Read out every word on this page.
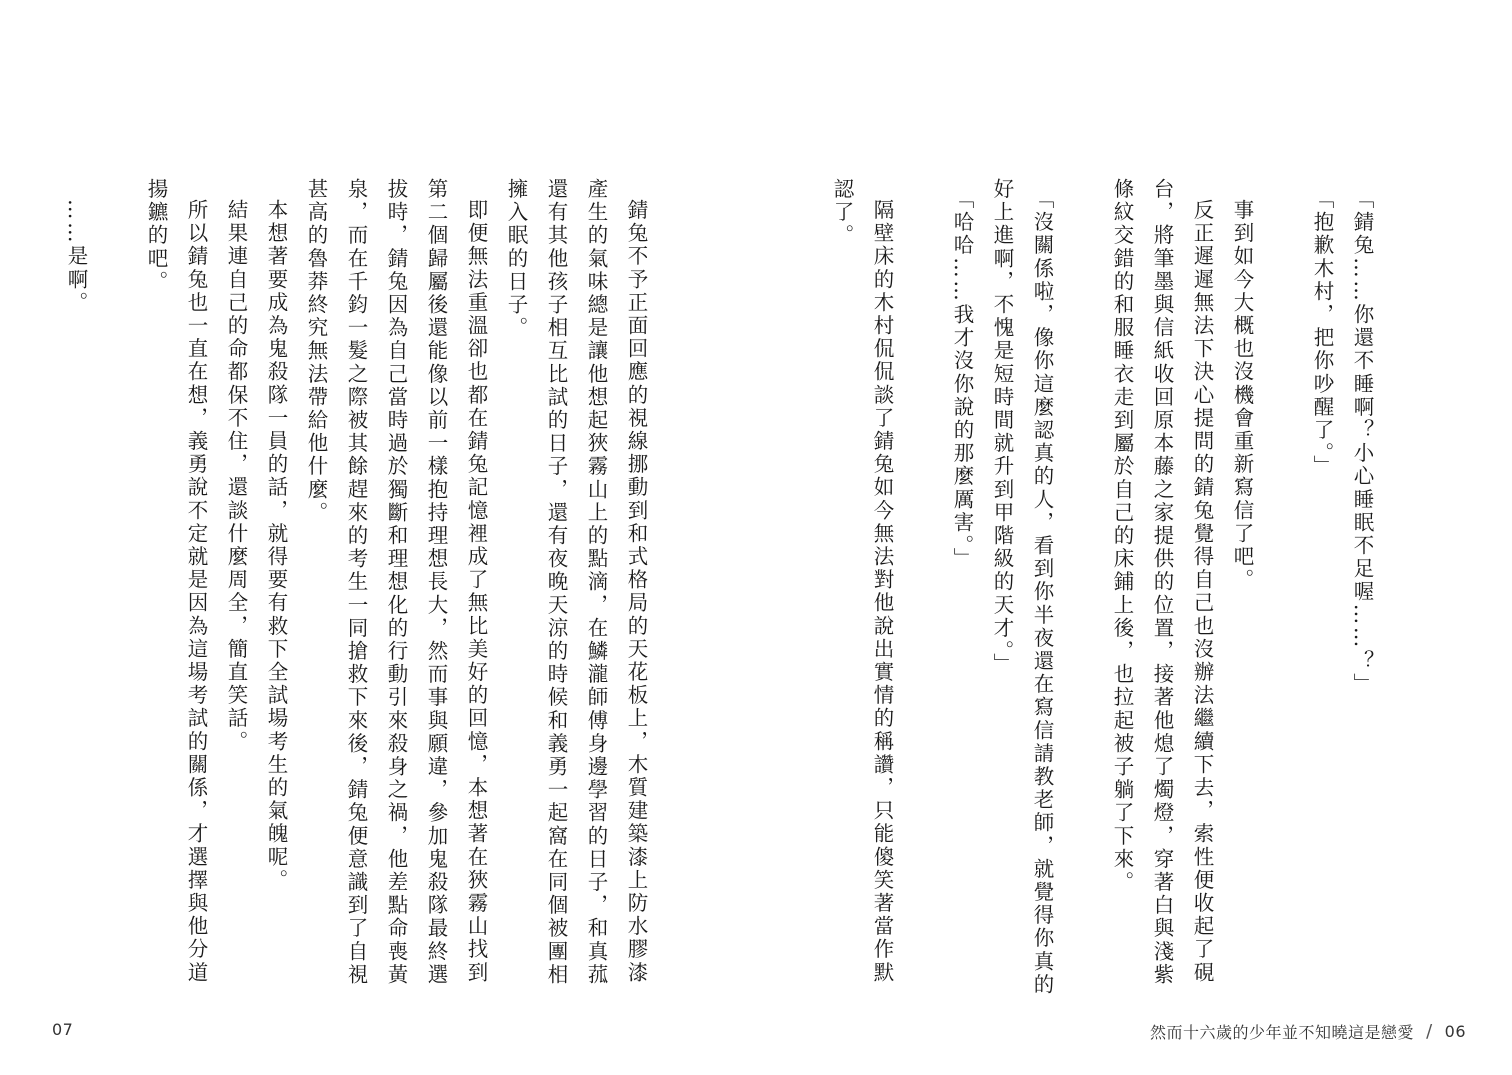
錆兔不予正面回應的視線挪動到和式格局的天花板上，木質建築漆上防水膠漆產生的氣味總是讓他想起狹霧山上的點滴，在鱗瀧師傅身邊學習的日子，和真菰還有其他孩子相互比試的日子，還有夜晚天涼的時候和義勇一起窩在同個被團相擁入眠的日子。

即便無法重溫卻也都在錆兔記憶裡成了無比美好的回憶，本想著在狹霧山找到第二個歸屬後還能像以前一樣抱持理想長大，然而事與願違，參加鬼殺隊最終選拔時，錆兔因為自己當時過於獨斷和理想化的行動引來殺身之禍，他差點命喪黃泉，而在千鈞一髮之際被其餘趕來的考生一同搶救下來後，錆兔便意識到了自視甚高的魯莽終究無法帶給他什麼。

本想著要成為鬼殺隊一員的話，就得要有救下全試場考生的氣魄呢。

結果連自己的命都保不住，還談什麼周全，簡直笑話。

所以錆兔也一直在想，義勇說不定就是因為這場考試的關係，才選擇與他分道揚鑣的吧。

……是啊。

07

「錆兔……你還不睡啊？小心睡眠不足喔……？」

「抱歉木村，把你吵醒了。」

事到如今大概也沒機會重新寫信了吧。

反正遲遲無法下決心提問的錆兔覺得自己也沒辦法繼續下去，索性便收起了硯台，將筆墨與信紙收回原本藤之家提供的位置，接著他熄了燭燈，穿著白與淺紫條紋交錯的和服睡衣走到屬於自己的床鋪上後，也拉起被子躺了下來。

「沒關係啦，像你這麼認真的人，看到你半夜還在寫信請教老師，就覺得你真的好上進啊，不愧是短時間就升到甲階級的天才。」

「哈哈……我才沒你說的那麼厲害。」

隔壁床的木村侃侃談了錆兔如今無法對他說出實情的稱讚，只能傻笑著當作默認了。

然而十六歲的少年並不知曉這是戀愛 / 06
